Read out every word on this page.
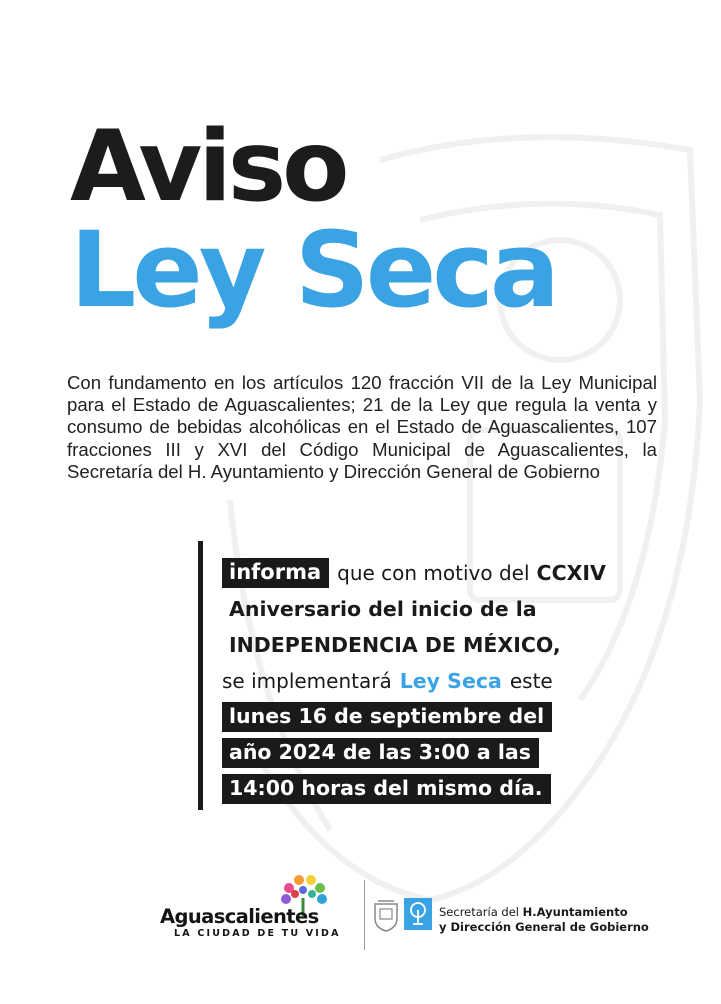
Aviso
Ley Seca

Con fundamento en los artículos 120 fracción VII de la Ley Municipal para el Estado de Aguascalientes; 21 de la Ley que regula la venta y consumo de bebidas alcohólicas en el Estado de Aguascalientes, 107 fracciones III y XVI del Código Municipal de Aguascalientes, la Secretaría del H. Ayuntamiento y Dirección General de Gobierno

informa que con motivo del CCXIV
Aniversario del inicio de la
INDEPENDENCIA DE MÉXICO,
se implementará Ley Seca este
lunes 16 de septiembre del
año 2024 de las 3:00 a las
14:00 horas del mismo día.
Aguascalientes
LA CIUDAD DE TU VIDA
Secretaría del H.Ayuntamiento
y Dirección General de Gobierno
